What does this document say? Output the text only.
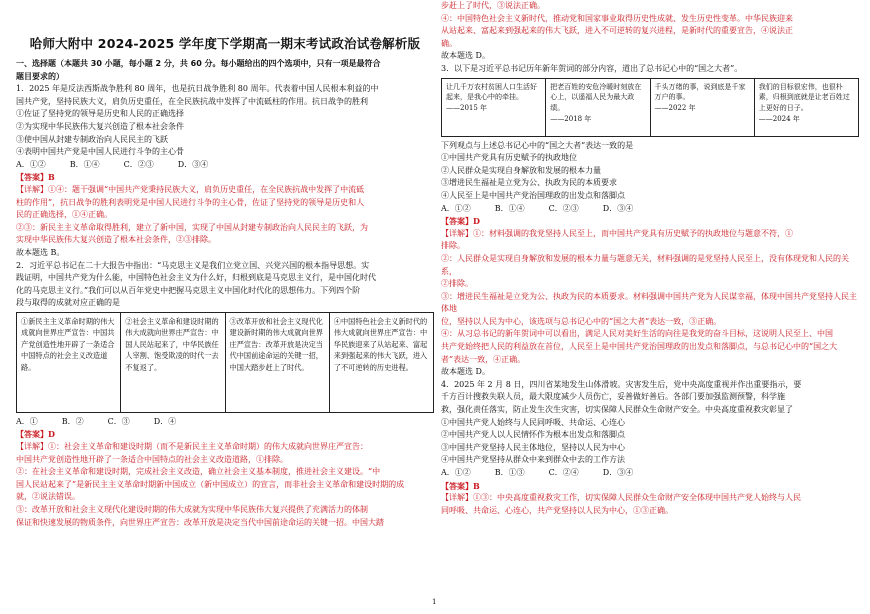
哈师大附中 2024-2025 学年度下学期高一期末考试政治试卷解析版

一、选择题（本题共 30 小题，每小题 2 分，共 60 分。每小题给出的四个选项中，只有一项是最符合

题目要求的）

1．2025 年是反法西斯战争胜利 80 周年，也是抗日战争胜利 80 周年。代表着中国人民根本利益的中

国共产党，坚持民族大义，肩负历史重任，在全民族抗战中发挥了中流砥柱的作用。抗日战争的胜利

①佐证了坚持党的领导是历史和人民的正确选择

②为实现中华民族伟大复兴创造了根本社会条件

③使中国从封建专制政治向人民民主的飞跃

④表明中国共产党是中国人民进行斗争的主心骨

A．①②　　　B．①④　　　C．②③　　　D．③④

【答案】B

【详解】①④：题干强调“中国共产党秉持民族大义，肩负历史重任，在全民族抗战中发挥了中流砥

柱的作用”，抗日战争的胜利表明党是中国人民进行斗争的主心骨，佐证了坚持党的领导是历史和人

民的正确选择，①④正确。

②③：新民主主义革命取得胜利，建立了新中国，实现了中国从封建专制政治向人民民主的飞跃，为

实现中华民族伟大复兴创造了根本社会条件，②③排除。

故本题选 B。

2．习近平总书记在二十大报告中指出：“马克思主义是我们立党立国、兴党兴国的根本指导思想。实

践证明，中国共产党为什么能，中国特色社会主义为什么好，归根到底是马克思主义行，是中国化时代

化的马克思主义行。”我们可以从百年党史中把握马克思主义中国化时代化的思想伟力。下列四个阶

段与取得的成就对应正确的是

①新民主主义革命时期的伟大成就向世界庄严宣告：中国共产党创造性地开辟了一条适合中国特点的社会主义改造道路。	②社会主义革命和建设时期的伟大成就向世界庄严宣告：中国人民站起来了，中华民族任人宰割、饱受欺凌的时代一去不复返了。	③改革开放和社会主义现代化建设新时期的伟大成就向世界庄严宣告：改革开放是决定当代中国前途命运的关键一招，中国大踏步赶上了时代。	④中国特色社会主义新时代的伟大成就向世界庄严宣告：中华民族迎来了从站起来、富起来到强起来的伟大飞跃，进入了不可逆转的历史进程。

A．①　　　B．②　　　C．③　　　D．④

【答案】D

【详解】①：社会主义革命和建设时期（而不是新民主主义革命时期）的伟大成就向世界庄严宣告：

中国共产党创造性地开辟了一条适合中国特点的社会主义改造道路，①排除。

②：在社会主义革命和建设时期，完成社会主义改造，确立社会主义基本制度，推进社会主义建设。“中

国人民站起来了”是新民主主义革命时期新中国成立（新中国成立）的宣言，而非社会主义革命和建设时期的成

就，②说法错误。

③：改革开放和社会主义现代化建设时期的伟大成就为实现中华民族伟大复兴提供了充满活力的体制

保证和快速发展的物质条件，向世界庄严宣告：改革开放是决定当代中国前途命运的关键一招。中国大踏

步赶上了时代，③说法正确。

④：中国特色社会主义新时代，推动党和国家事业取得历史性成就、发生历史性变革。中华民族迎来

从站起来、富起来到强起来的伟大飞跃，进入不可逆转的复兴进程，是新时代的重要宣告，④说法正

确。

故本题选 D。

3．以下是习近平总书记历年新年贺词的部分内容，道出了总书记心中的“国之大者”。

让几千万农村贫困人口生活好起来，是我心中的牵挂。
——2015 年
	把老百姓的安危冷暖时刻放在心上，以遥福人民为最大政绩。
——2018 年
	千头万绪的事，说到底是千家万户的事。
——2022 年
	我们的目标很宏伟，也很朴素，归根到底就是让老百姓过上更好的日子。
——2024 年

下列观点与上述总书记心中的“国之大者”表达一致的是

①中国共产党具有历史赋予的执政地位

②人民群众是实现自身解放和发展的根本力量

③增进民生福祉是立党为公、执政为民的本质要求

④人民至上是中国共产党治国理政的出发点和落脚点

A．①②　　　B．①④　　　C．②③　　　D．③④

【答案】D

【详解】①：材料强调的我党坚持人民至上，而中国共产党具有历史赋予的执政地位与题意不符，①

排除。

②：人民群众是实现自身解放和发展的根本力量与题意无关，材料强调的是党坚持人民至上，没有体现党和人民的关系，

②排除。

③：增进民生福祉是立党为公、执政为民的本质要求。材料强调中国共产党为人民谋幸福，体现中国共产党坚持人民主体地

位，坚持以人民为中心，该选项与总书记心中的“国之大者”表达一致，③正确。

④：从习总书记的新年贺词中可以看出，满足人民对美好生活的向往是我党的奋斗目标，这说明人民至上、中国

共产党始终把人民的利益放在首位，人民至上是中国共产党治国理政的出发点和落脚点，与总书记心中的“国之大

者”表达一致，④正确。

故本题选 D。

4．2025 年 2 月 8 日，四川省某地发生山体滑坡。灾害发生后，党中央高度重视并作出重要指示，要

千方百计搜救失联人员，最大限度减少人员伤亡，妥善做好善后。各部门要加强监测预警，科学施

救，强化责任落实，防止发生次生灾害，切实保障人民群众生命财产安全。中央高度重视救灾彰显了

①中国共产党人始终与人民同呼吸、共命运、心连心

②中国共产党人以人民情怀作为根本出发点和落脚点

③中国共产党坚持人民主体地位，坚持以人民为中心

④中国共产党坚持从群众中来到群众中去的工作方法

A．①②　　　B．①③　　　C．②④　　　D．③④

【答案】B

【详解】①③：中央高度重视救灾工作，切实保障人民群众生命财产安全体现中国共产党人始终与人民

同呼吸、共命运、心连心，共产党坚持以人民为中心，①③正确。

1
